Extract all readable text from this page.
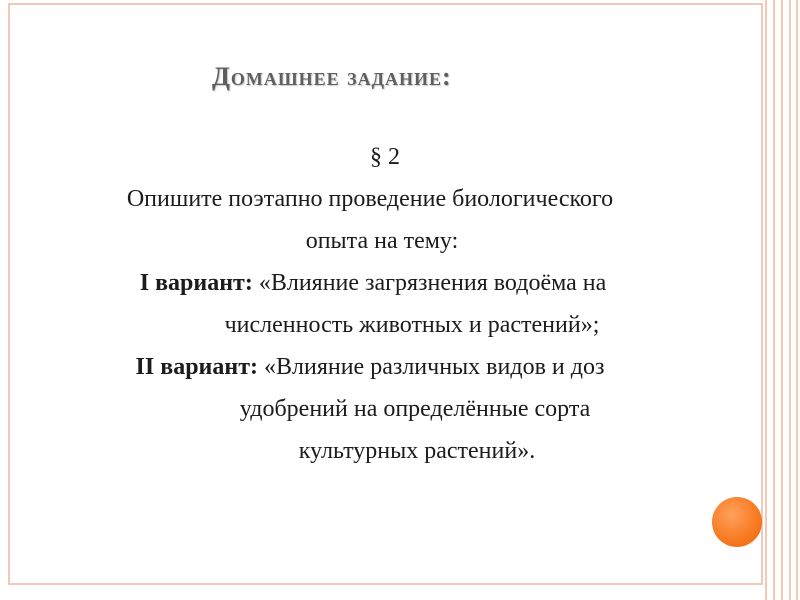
Домашнее задание:
§ 2
Опишите поэтапно проведение биологического
опыта на тему:
I вариант: «Влияние загрязнения водоёма на
численность животных и растений»;
II вариант: «Влияние различных видов и доз
удобрений на определённые сорта
культурных растений».
